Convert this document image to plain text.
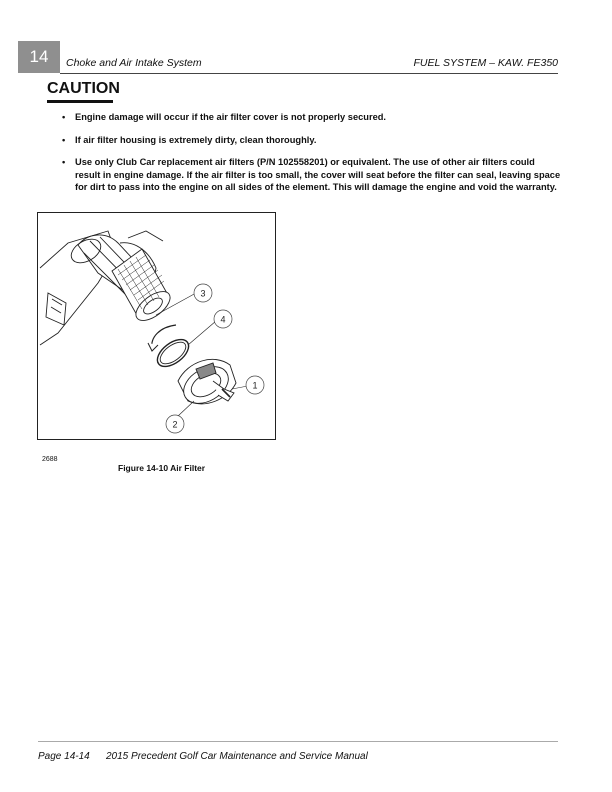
14	Choke and Air Intake System	FUEL SYSTEM – KAW. FE350
CAUTION
• Engine damage will occur if the air filter cover is not properly secured.
• If air filter housing is extremely dirty, clean thoroughly.
• Use only Club Car replacement air filters (P/N 102558201) or equivalent. The use of other air filters could result in engine damage. If the air filter is too small, the cover will seat before the filter can seal, leaving space for dirt to pass into the engine on all sides of the element. This will damage the engine and void the warranty.
1
2
3
4
2688
Figure 14-10 Air Filter
Page 14-14 2015 Precedent Golf Car Maintenance and Service Manual
